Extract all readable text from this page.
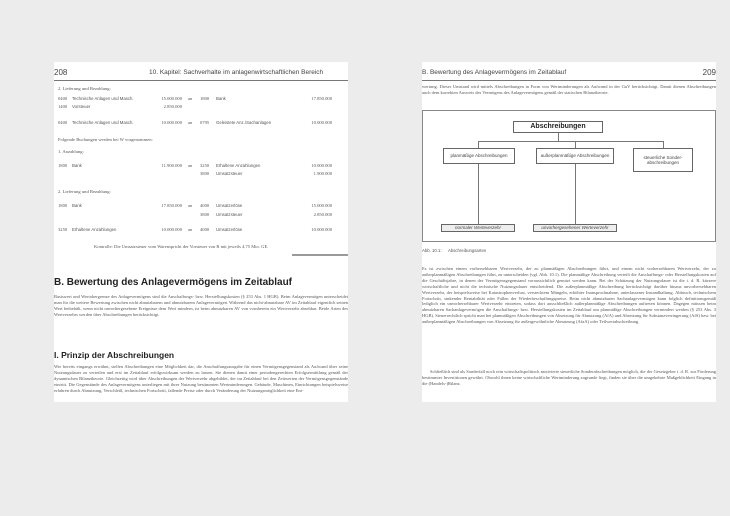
208	10. Kapitel: Sachverhalte im anlagenwirtschaftlichen Bereich
2. Lieferung und Bezahlung:
0400	Technische Anlagen und Masch.	15.000.000 an	1800	Bank	17.850.000
1400	Vorsteuer	2.850.000
0400	Technische Anlagen und Masch.	10.000.000 an	0795	Geleistete Anz./Sachanlagen	10.000.000
Folgende Buchungen werden bei W vorgenommen:
1. Anzahlung:
1800	Bank	11.900.000 an	3250	Erhaltene Anzahlungen	10.000.000
3800	Umsatzsteuer	1.900.000
2. Lieferung und Bezahlung:
1800	Bank	17.850.000 an	4000	Umsatzerlöse	15.000.000
3800	Umsatzsteuer	2.850.000
3250	Erhaltene Anzahlungen	10.000.000 an	4000	Umsatzerlöse	10.000.000
Kontrolle: Die Umsatzsteuer vom Warenspricht der Vorsteuer von R mit jeweils 4,75 Mio. GE.
B. Bewertung des Anlagevermögens im Zeitablauf
Basiswert und Wertobergrenze des Anlagevermögens sind die Anschaffungs- bzw. Herstellungskosten (§ 253 Abs. 1 HGB). Beim Anlagevermögen unterscheidet man für die weitere Bewertung zwischen nicht abnutzbarem und abnutzbarem Anlagevermögen. Während das nicht-abnutzbare AV im Zeitablauf eigentlich seinen Wert beibehält, wenn nicht unvorhergesehene Ereignisse dem Wert mindern, ist beim abnutzbaren AV von vornherein ein Wertverzehr absehbar. Beide Arten des Wertverzehrs werden über Abschreibungen berücksichtigt.
I. Prinzip der Abschreibungen
Wie bereits eingangs erwähnt, stellen Abschreibungen eine Möglichkeit dar, die Anschaffungsausgabe für einen Vermögensgegenstand als Aufwand über seine Nutzungsdauer zu verteilen und erst im Zeitablauf erfolgswirksam werden zu lassen. Sie dienen damit einer periodengerechten Erfolgsermittlung gemäß der dynamischen Bilanztheorie. Gleichzeitig wird über Abschreibungen der Wertverzehr abgebildet, der im Zeitablauf bei den Zeitwerten der Vermögensgegenstände eintritt. Die Gegenstände des Anlagevermögens unterliegen mit ihrer Nutzung bestimmten Wertminderungen. Gebäude, Maschinen, Einrichtungen beispielsweise erfahren durch Abnutzung, Verschleiß, technischen Fortschritt, fallende Preise oder durch Veränderung der Nutzungsmöglichkeit eine Ent-
B. Bewertung des Anlagevermögens im Zeitablauf	209
wertung. Dieser Umstand wird mittels Abschreibungen in Form von Wertminderungen als Aufwand in der GuV berücksichtigt. Damit dienen Abschreibungen auch dem korrekten Ausweis des Vermögens des Anlagevermögens gemäß der statischen Bilanztheorie.
Abschreibungen
planmäßige Abschreibungen	außerplanmäßige Abschreibungen	steuerliche Sonder-abschreibungen
normaler Werteverzehr	unvorhergesehener Werteverzehr
Abb. 10.1: Abschreibungsarten
Es ist zwischen einem vorhersehbaren Wertverzehr, der zu planmäßigen Abschreibungen führt, und einem nicht vorhersehbaren Wertverzehr, der zu außerplanmäßigen Abschreibungen führt, zu unterscheiden (vgl. Abb. 10.1). Die planmäßige Abschreibung verteilt die Anschaffungs- oder Herstellungskosten auf die Geschäftsjahre, in denen der Vermögensgegenstand voraussichtlich genutzt werden kann. Bei der Schätzung der Nutzungsdauer ist die i. d. R. kürzere wirtschaftliche und nicht die technische Nutzungsdauer entscheidend. Die außerplanmäßige Abschreibung berücksichtigt darüber hinaus unvorhersehbaren Wertverzehr, der beispielsweise bei Katastrophenverlust, verstecktem Mängeln, erhöhter Inanspruchnahme, unterlassener Instandhaltung. Abbruch, technischem Fortschritt, sinkender Rentabilität oder Fallen der Wiederbeschaffungspreise. Beim nicht abnutzbaren Sachanlagevermögen kann folglich definitionsgemäß lediglich ein unvorhersehbarer Wertverzehr eintreten, sodass dort ausschließlich außerplanmäßige Abschreibungen auftreten können. Dagegen müssen beim abnutzbaren Sachanlagevermögen die Anschaffungs- bzw. Herstellungskosten im Zeitablauf um planmäßige Abschreibungen vermindert werden (§ 253 Abs. 3 HGB). Steuerrechtlich spricht man bei planmäßigen Abschreibungen von Absetzung für Abnutzung (AfA) und Absetzung für Substanzverringerung (AfS) bzw. bei außerplanmäßigen Abschreibungen von Absetzung für außergewöhnliche Abnutzung (AfaA) oder Teilwertabschreibung.
Schließlich sind als Sonderfall noch rein wirtschaftspolitisch motivierte steuerliche Sonderabschreibungen möglich, die der Gesetzgeber i. d. R. zur Förderung bestimmter Investitionen gewährt. Obwohl ihnen keine wirtschaftliche Wertminderung zugrunde liegt, finden sie über die umgekehrte Maßgeblichkeit Eingang in die (Handels-)Bilanz.
